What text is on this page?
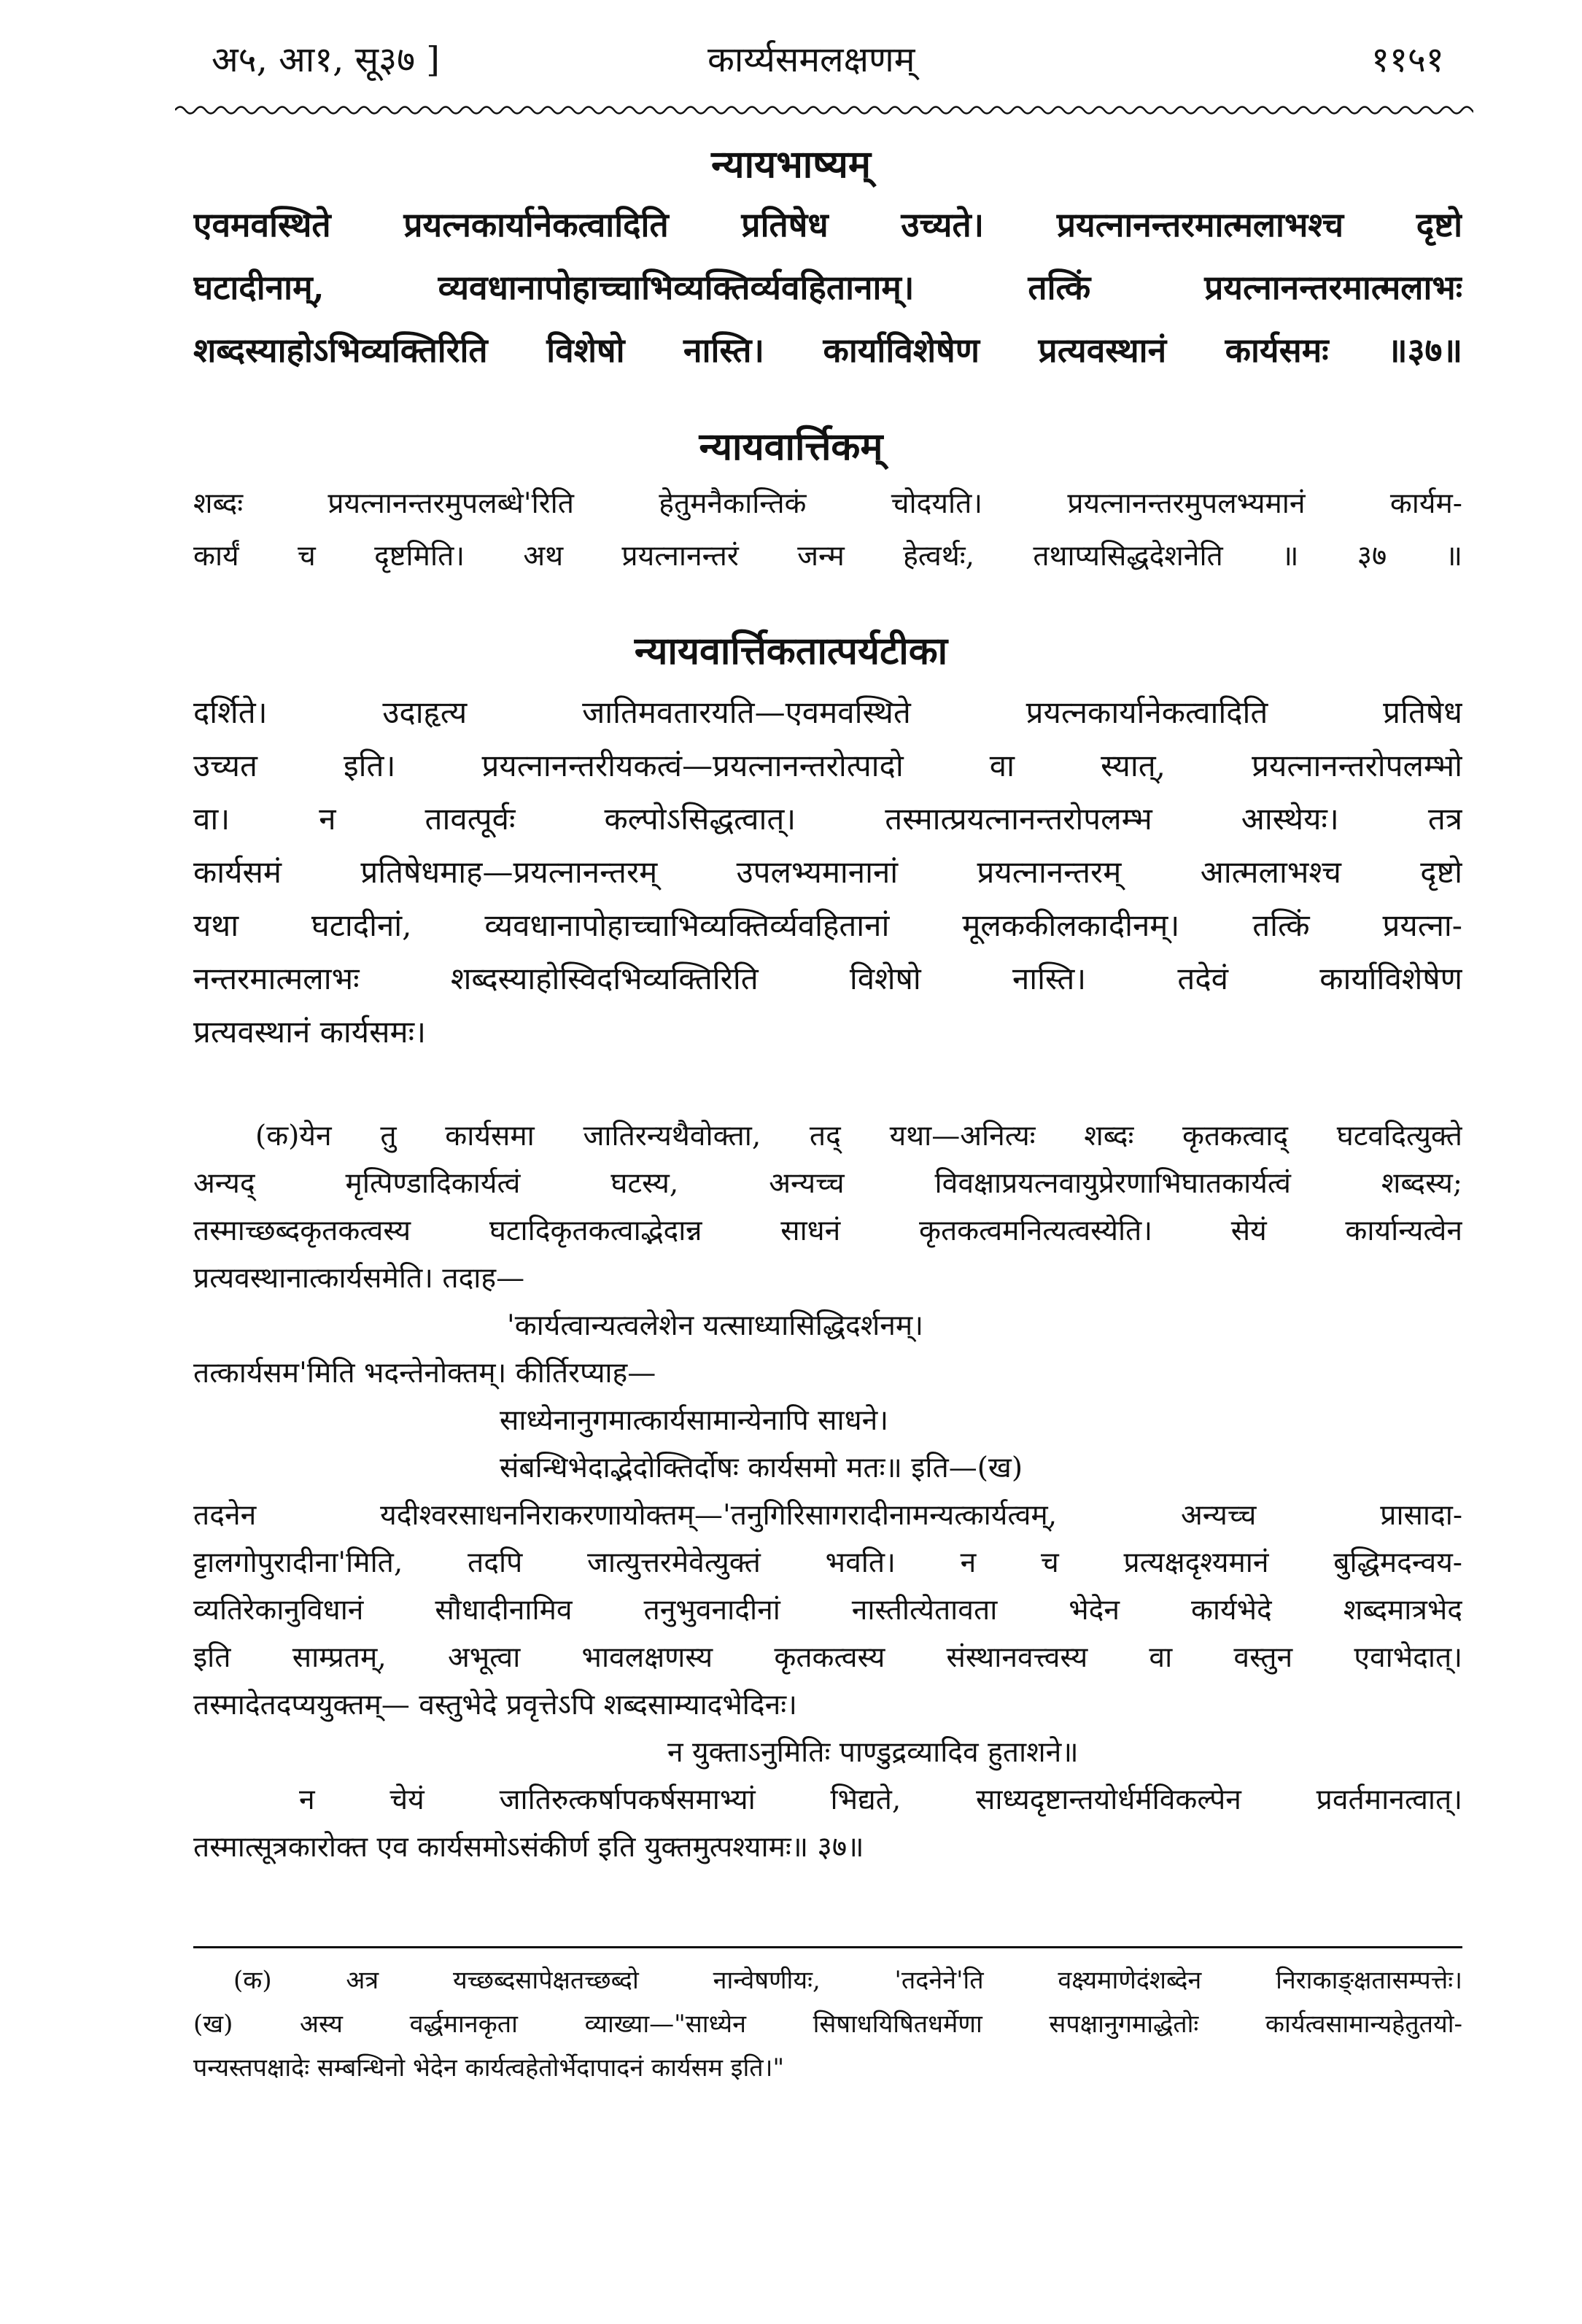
अ५, आ१, सू३७ ]	कार्य्यसमलक्षणम्	११५१
न्यायभाष्यम्
एवमवस्थिते प्रयत्नकार्यानेकत्वादिति प्रतिषेध उच्यते। प्रयत्नानन्तरमात्मलाभश्च दृष्टो
घटादीनाम्, व्यवधानापोहाच्चाभिव्यक्तिर्व्यवहितानाम्। तत्किं प्रयत्नानन्तरमात्मलाभः
शब्दस्याहोऽभिव्यक्तिरिति विशेषो नास्ति। कार्याविशेषेण प्रत्यवस्थानं कार्यसमः ॥३७॥
न्यायवार्त्तिकम्
शब्दः प्रयत्नानन्तरमुपलब्धे'रिति हेतुमनैकान्तिकं चोदयति। प्रयत्नानन्तरमुपलभ्यमानं कार्यम-
कार्यं च दृष्टमिति। अथ प्रयत्नानन्तरं जन्म हेत्वर्थः, तथाप्यसिद्धदेशनेति ॥ ३७ ॥
न्यायवार्त्तिकतात्पर्यटीका
दर्शिते। उदाहृत्य जातिमवतारयति—एवमवस्थिते प्रयत्नकार्यानेकत्वादिति प्रतिषेध
उच्यत इति। प्रयत्नानन्तरीयकत्वं—प्रयत्नानन्तरोत्पादो वा स्यात्, प्रयत्नानन्तरोपलम्भो
वा। न तावत्पूर्वः कल्पोऽसिद्धत्वात्। तस्मात्प्रयत्नानन्तरोपलम्भ आस्थेयः। तत्र
कार्यसमं प्रतिषेधमाह—प्रयत्नानन्तरम् उपलभ्यमानानां प्रयत्नानन्तरम् आत्मलाभश्च दृष्टो
यथा घटादीनां, व्यवधानापोहाच्चाभिव्यक्तिर्व्यवहितानां मूलककीलकादीनम्। तत्किं प्रयत्ना-
नन्तरमात्मलाभः शब्दस्याहोस्विदभिव्यक्तिरिति विशेषो नास्ति। तदेवं कार्याविशेषेण
प्रत्यवस्थानं कार्यसमः।
(क)येन तु कार्यसमा जातिरन्यथैवोक्ता, तद् यथा—अनित्यः शब्दः कृतकत्वाद् घटवदित्युक्ते
अन्यद् मृत्पिण्डादिकार्यत्वं घटस्य, अन्यच्च विवक्षाप्रयत्नवायुप्रेरणाभिघातकार्यत्वं शब्दस्य;
तस्माच्छब्दकृतकत्वस्य घटादिकृतकत्वाद्भेदान्न साधनं कृतकत्वमनित्यत्वस्येति। सेयं कार्यान्यत्वेन
प्रत्यवस्थानात्कार्यसमेति। तदाह—
'कार्यत्वान्यत्वलेशेन यत्साध्यासिद्धिदर्शनम्।
तत्कार्यसम'मिति भदन्तेनोक्तम्। कीर्तिरप्याह—
साध्येनानुगमात्कार्यसामान्येनापि साधने।
संबन्धिभेदाद्भेदोक्तिर्दोषः कार्यसमो मतः॥ इति—(ख)
तदनेन यदीश्वरसाधननिराकरणायोक्तम्—'तनुगिरिसागरादीनामन्यत्कार्यत्वम्, अन्यच्च प्रासादा-
ट्टालगोपुरादीना'मिति, तदपि जात्युत्तरमेवेत्युक्तं भवति। न च प्रत्यक्षदृश्यमानं बुद्धिमदन्वय-
व्यतिरेकानुविधानं सौधादीनामिव तनुभुवनादीनां नास्तीत्येतावता भेदेन कार्यभेदे शब्दमात्रभेद
इति साम्प्रतम्, अभूत्वा भावलक्षणस्य कृतकत्वस्य संस्थानवत्त्वस्य वा वस्तुन एवाभेदात्।
तस्मादेतदप्ययुक्तम्— वस्तुभेदे प्रवृत्तेऽपि शब्दसाम्यादभेदिनः।
न युक्ताऽनुमितिः पाण्डुद्रव्यादिव हुताशने॥
न चेयं जातिरुत्कर्षापकर्षसमाभ्यां भिद्यते, साध्यदृष्टान्तयोर्धर्मविकल्पेन प्रवर्तमानत्वात्।
तस्मात्सूत्रकारोक्त एव कार्यसमोऽसंकीर्ण इति युक्तमुत्पश्यामः॥ ३७॥
(क) अत्र यच्छब्दसापेक्षतच्छब्दो नान्वेषणीयः, 'तदनेने'ति वक्ष्यमाणेदंशब्देन निराकाङ्क्षतासम्पत्तेः।
(ख) अस्य वर्द्धमानकृता व्याख्या—"साध्येन सिषाधयिषितधर्मेणा सपक्षानुगमाद्धेतोः कार्यत्वसामान्यहेतुतयो-
पन्यस्तपक्षादेः सम्बन्धिनो भेदेन कार्यत्वहेतोर्भेदापादनं कार्यसम इति।"
